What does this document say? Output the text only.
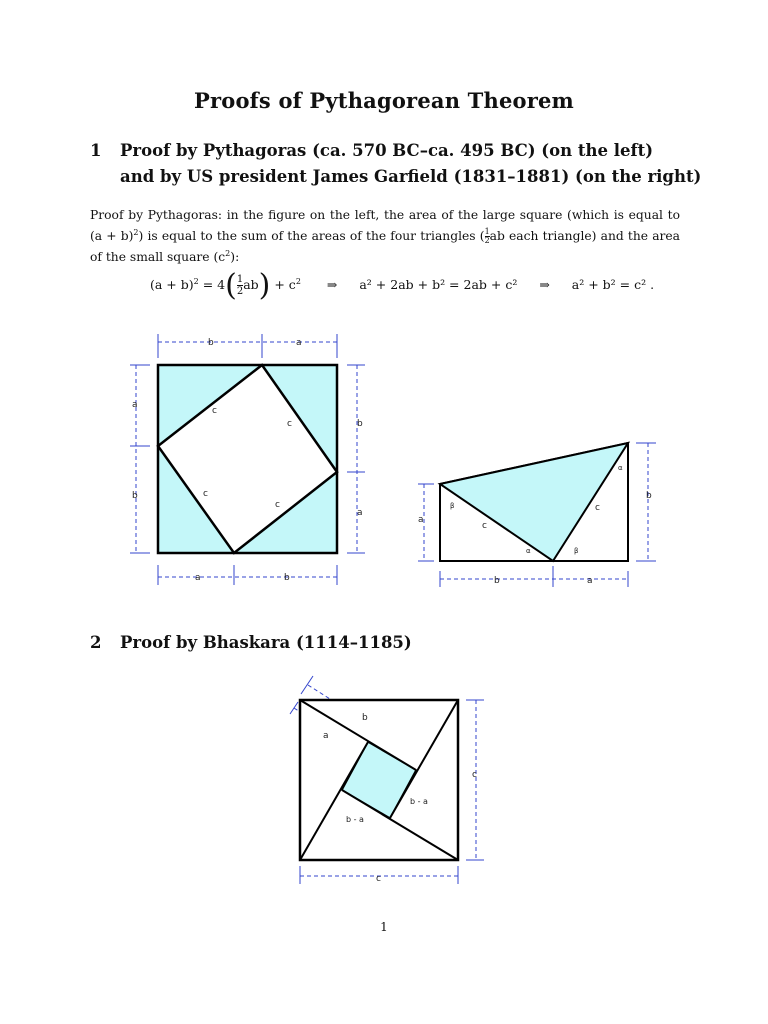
Proofs of Pythagorean Theorem
1 Proof by Pythagoras (ca. 570 BC–ca. 495 BC) (on the left)
and by US president James Garfield (1831–1881) (on the right)
Proof by Pythagoras: in the figure on the left, the area of the large square (which is equal to $(a + b)^2$) is equal to the sum of the areas of the four triangles ( $\frac{1}{2}$ ab each triangle) and the area of the small square $(c^2)$:
$(a + b)^2 = 4( \frac{1}{2} ab) + c^2$ ⇒ a² + 2ab + b² = 2ab + c² ⇒ a² + b² = c² .
b	a
a
b
b
a
a	b
c
c
c
c
a
b
b	a
c
c
α
α
β
β
2 Proof by Bhaskara (1114–1185)
b
a
c
c
b - a
b - a
1
